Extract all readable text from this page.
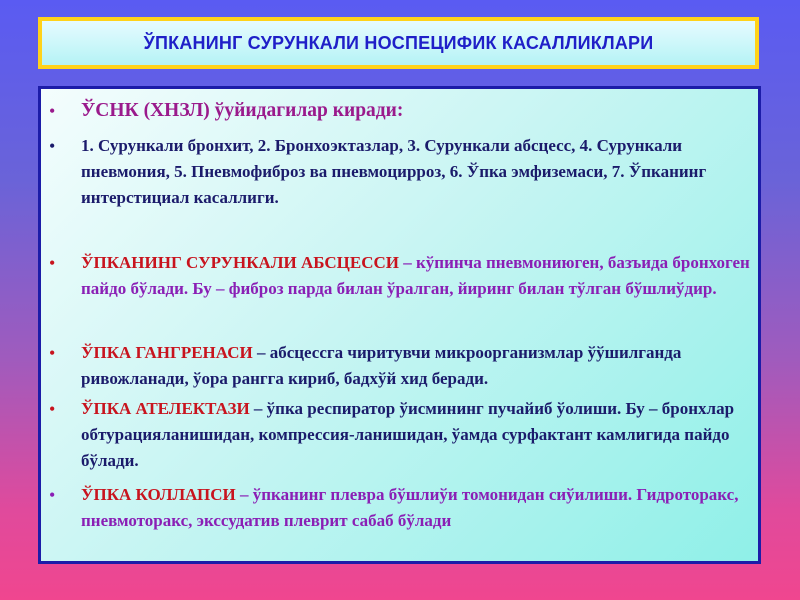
ЎПКАНИНГ СУРУНКАЛИ НОСПЕЦИФИК КАСАЛЛИКЛАРИ
• ЎСНК (ХНЗЛ) ўуйидагилар киради:
• 1. Сурункали бронхит, 2. Бронхоэктазлар, 3. Сурункали абсцесс, 4. Сурункали пневмония, 5. Пневмофиброз ва пневмоцирроз, 6. Ўпка эмфиземаси, 7. Ўпканинг интерстициал касаллиги.
• ЎПКАНИНГ СУРУНКАЛИ АБСЦЕССИ – кўпинча пневмониюген, базъида бронхоген пайдо бўлади. Бу – фиброз парда билан ўралган, йиринг билан тўлган бўшлиўдир.
• ЎПКА ГАНГРЕНАСИ – абсцессга чиритувчи микроорганизмлар ўўшилганда ривожланади, ўора рангга кириб, бадхўй хид беради.
• ЎПКА АТЕЛЕКТАЗИ – ўпка респиратор ўисмининг пучайиб ўолиши. Бу – бронхлар обтурацияланишидан, компрессия-ланишидан, ўамда сурфактант камлигида пайдо бўлади.
• ЎПКА КОЛЛАПСИ – ўпканинг плевра бўшлиўи томонидан сиўилиши. Гидроторакс, пневмоторакс, экссудатив плеврит сабаб бўлади
